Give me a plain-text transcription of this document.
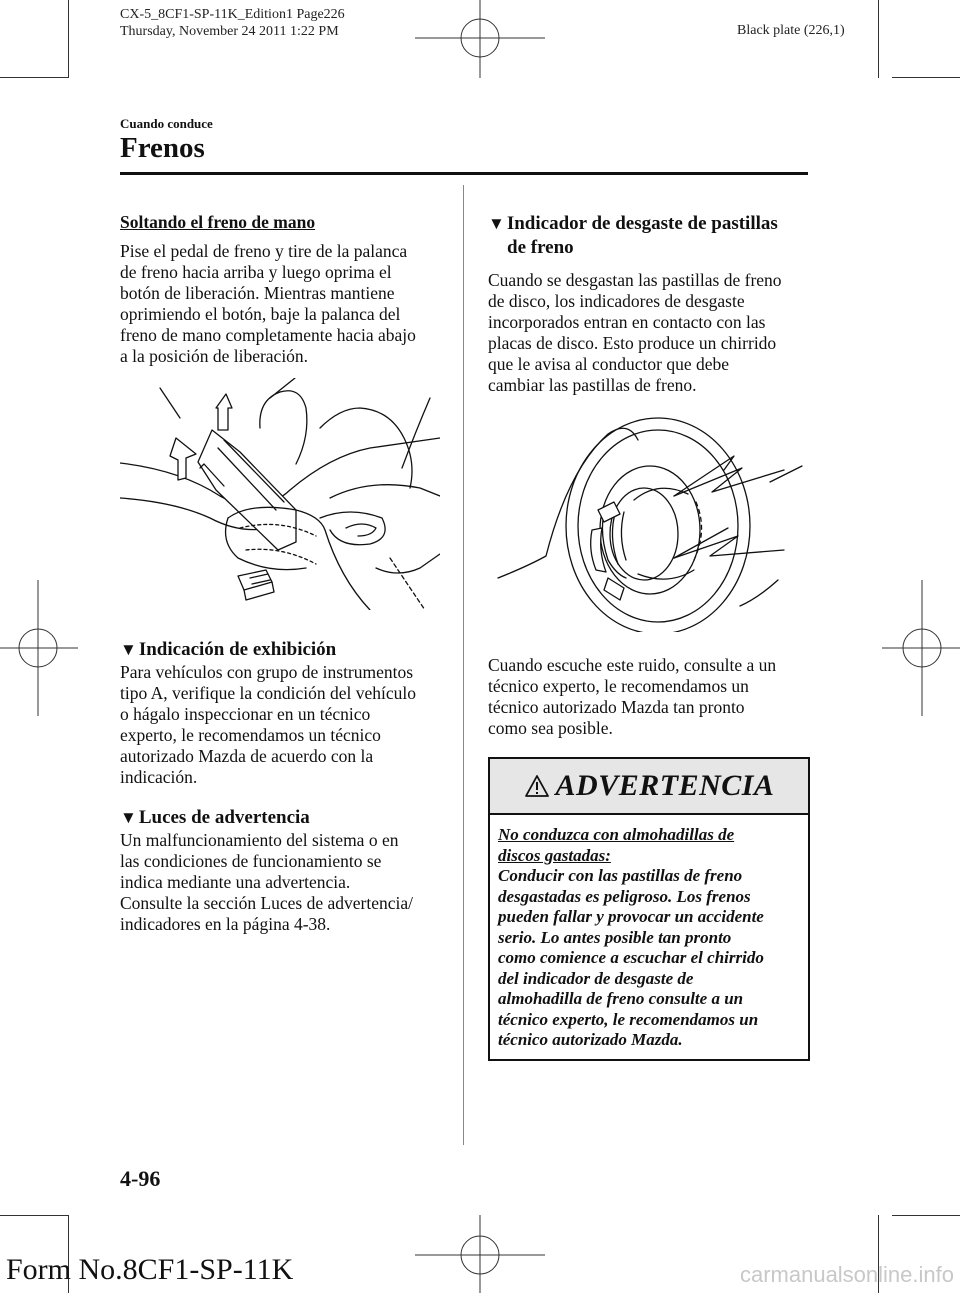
CX-5_8CF1-SP-11K_Edition1 Page226
Thursday, November 24 2011 1:22 PM	Black plate (226,1)
Cuando conduce
Frenos

Soltando el freno de mano

Pise el pedal de freno y tire de la palanca
de freno hacia arriba y luego oprima el
botón de liberación. Mientras mantiene
oprimiendo el botón, baje la palanca del
freno de mano completamente hacia abajo
a la posición de liberación.

▼ Indicación de exhibición

Para vehículos con grupo de instrumentos
tipo A, verifique la condición del vehículo
o hágalo inspeccionar en un técnico
experto, le recomendamos un técnico
autorizado Mazda de acuerdo con la
indicación.

▼ Luces de advertencia

Un malfuncionamiento del sistema o en
las condiciones de funcionamiento se
indica mediante una advertencia.
Consulte la sección Luces de advertencia/
indicadores en la página 4-38.

▼ Indicador de desgaste de pastillas
de freno

Cuando se desgastan las pastillas de freno
de disco, los indicadores de desgaste
incorporados entran en contacto con las
placas de disco. Esto produce un chirrido
que le avisa al conductor que debe
cambiar las pastillas de freno.

Cuando escuche este ruido, consulte a un
técnico experto, le recomendamos un
técnico autorizado Mazda tan pronto
como sea posible.

ADVERTENCIA
No conduzca con almohadillas de
discos gastadas:
Conducir con las pastillas de freno
desgastadas es peligroso. Los frenos
pueden fallar y provocar un accidente
serio. Lo antes posible tan pronto
como comience a escuchar el chirrido
del indicador de desgaste de
almohadilla de freno consulte a un
técnico experto, le recomendamos un
técnico autorizado Mazda.
4-96
Form No.8CF1-SP-11K	carmanualsonline.info
